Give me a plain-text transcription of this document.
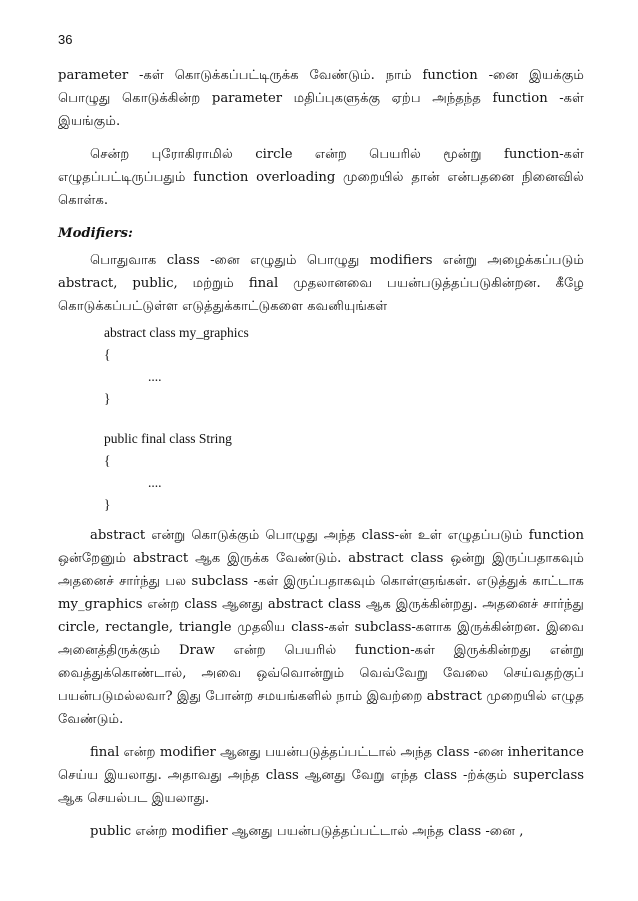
36

parameter -கள் கொடுக்கப்பட்டிருக்க வேண்டும். நாம் function -னை இயக்கும் பொழுது கொடுக்கின்ற parameter மதிப்புகளுக்கு ஏற்ப அந்தந்த function -கள் இயங்கும்.

சென்ற புரோகிராமில் circle என்ற பெயரில் மூன்று function-கள் எழுதப்பட்டிருப்பதும் function overloading முறையில் தான் என்பதனை நினைவில் கொள்க.

Modifiers:

பொதுவாக class -னை எழுதும் பொழுது modifiers என்று அழைக்கப்படும் abstract, public, மற்றும் final முதலானவை பயன்படுத்தப்படுகின்றன. கீழே கொடுக்கப்பட்டுள்ள எடுத்துக்காட்டுகளை கவனியுங்கள்

abstract class my_graphics
{
....
}
public final class String
{
....
}

abstract என்று கொடுக்கும் பொழுது அந்த class-ன் உள் எழுதப்படும் function ஒன்றேனும் abstract ஆக இருக்க வேண்டும். abstract class ஒன்று இருப்பதாகவும் அதனைச் சார்ந்து பல subclass -கள் இருப்பதாகவும் கொள்ளுங்கள். எடுத்துக் காட்டாக my_graphics என்ற class ஆனது abstract class ஆக இருக்கின்றது. அதனைச் சார்ந்து circle, rectangle, triangle முதலிய class-கள் subclass-களாக இருக்கின்றன. இவை அனைத்திருக்கும் Draw என்ற பெயரில் function-கள் இருக்கின்றது என்று வைத்துக்கொண்டால், அவை ஒவ்வொன்றும் வெவ்வேறு வேலை செய்வதற்குப் பயன்படுமல்லவா? இது போன்ற சமயங்களில் நாம் இவற்றை abstract முறையில் எழுத வேண்டும்.

final என்ற modifier ஆனது பயன்படுத்தப்பட்டால் அந்த class -னை inheritance செய்ய இயலாது. அதாவது அந்த class ஆனது வேறு எந்த class -ற்க்கும் superclass ஆக செயல்பட இயலாது.

public என்ற modifier ஆனது பயன்படுத்தப்பட்டால் அந்த class -னை ,
